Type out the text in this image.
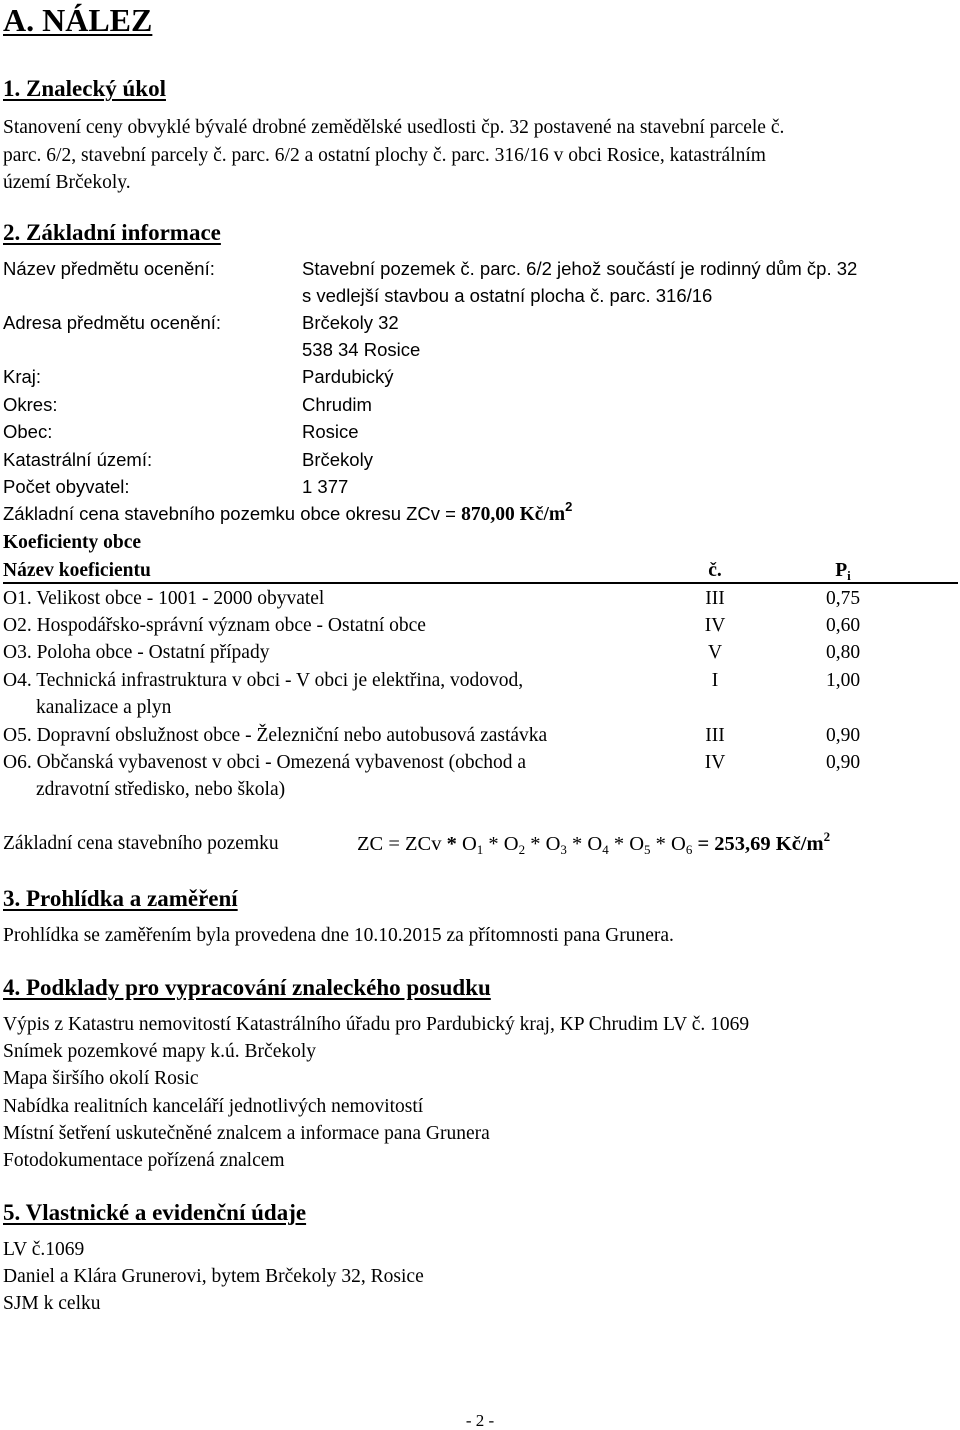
A. NÁLEZ
1. Znalecký úkol
Stanovení ceny obvyklé bývalé drobné zemědělské usedlosti čp. 32 postavené na stavební parcele č.
parc. 6/2, stavební parcely č. parc. 6/2 a ostatní plochy č. parc. 316/16 v obci Rosice, katastrálním
území Brčekoly.
2. Základní informace
Název předmětu ocenění:	Stavební pozemek č. parc. 6/2 jehož součástí je rodinný dům čp. 32
s vedlejší stavbou a ostatní plocha č. parc. 316/16
Adresa předmětu ocenění:	Brčekoly 32
538 34 Rosice
Kraj:	Pardubický
Okres:	Chrudim
Obec:	Rosice
Katastrální území:	Brčekoly
Počet obyvatel:	1 377
Základní cena stavebního pozemku obce okresu ZCv = 870,00 $Kč/m^2$
Koeficienty obce
Název koeficientu	č.	$P_i$
O1. Velikost obce - 1001 - 2000 obyvatel	III	0,75
O2. Hospodářsko-správní význam obce - Ostatní obce	IV	0,60
O3. Poloha obce - Ostatní případy	V	0,80
O4. Technická infrastruktura v obci - V obci je elektřina, vodovod,
kanalizace a plyn
I	1,00
O5. Dopravní obslužnost obce - Železniční nebo autobusová zastávka	III	0,90
O6. Občanská vybavenost v obci - Omezená vybavenost (obchod a
zdravotní středisko, nebo škola)
IV	0,90
Základní cena stavebního pozemku	ZC = ZCv * $O_1 * O_2 * O_3 * O_4 * O_5 * O_6 = 253,69$ $Kč/m^2$
3. Prohlídka a zaměření
Prohlídka se zaměřením byla provedena dne 10.10.2015 za přítomnosti pana Grunera.
4. Podklady pro vypracování znaleckého posudku
Výpis z Katastru nemovitostí Katastrálního úřadu pro Pardubický kraj, KP Chrudim LV č. 1069
Snímek pozemkové mapy k.ú. Brčekoly
Mapa širšího okolí Rosic
Nabídka realitních kanceláří jednotlivých nemovitostí
Místní šetření uskutečněné znalcem a informace pana Grunera
Fotodokumentace pořízená znalcem
5. Vlastnické a evidenční údaje
LV č.1069
Daniel a Klára Grunerovi, bytem Brčekoly 32, Rosice
SJM k celku
- 2 -
